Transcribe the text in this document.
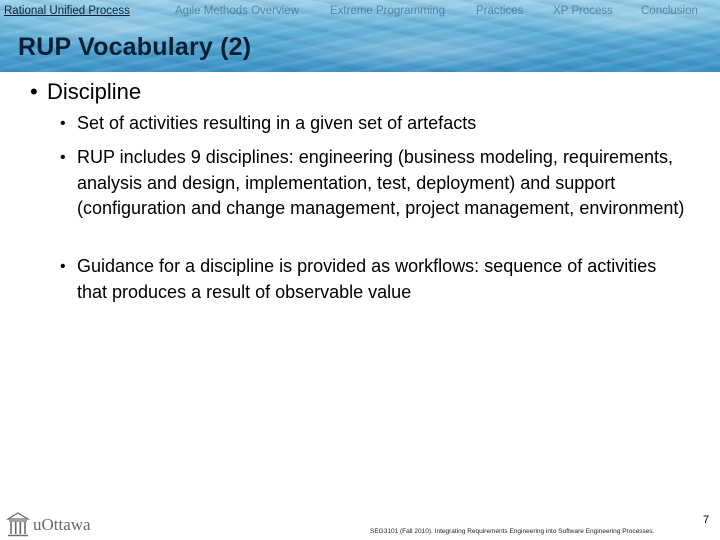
Rational Unified Process	Agile Methods Overview	Extreme Programming	Practices	XP Process Conclusion
RUP Vocabulary (2)
• Discipline
• Set of activities resulting in a given set of artefacts
• RUP includes 9 disciplines: engineering (business modeling, requirements, analysis and design, implementation, test, deployment) and support (configuration and change management, project management, environment)
• Guidance for a discipline is provided as workflows: sequence of activities that produces a result of observable value
uOttawa	SEG3101 (Fall 2010). Integrating Requirements Engineering into Software Engineering Processes.
7
